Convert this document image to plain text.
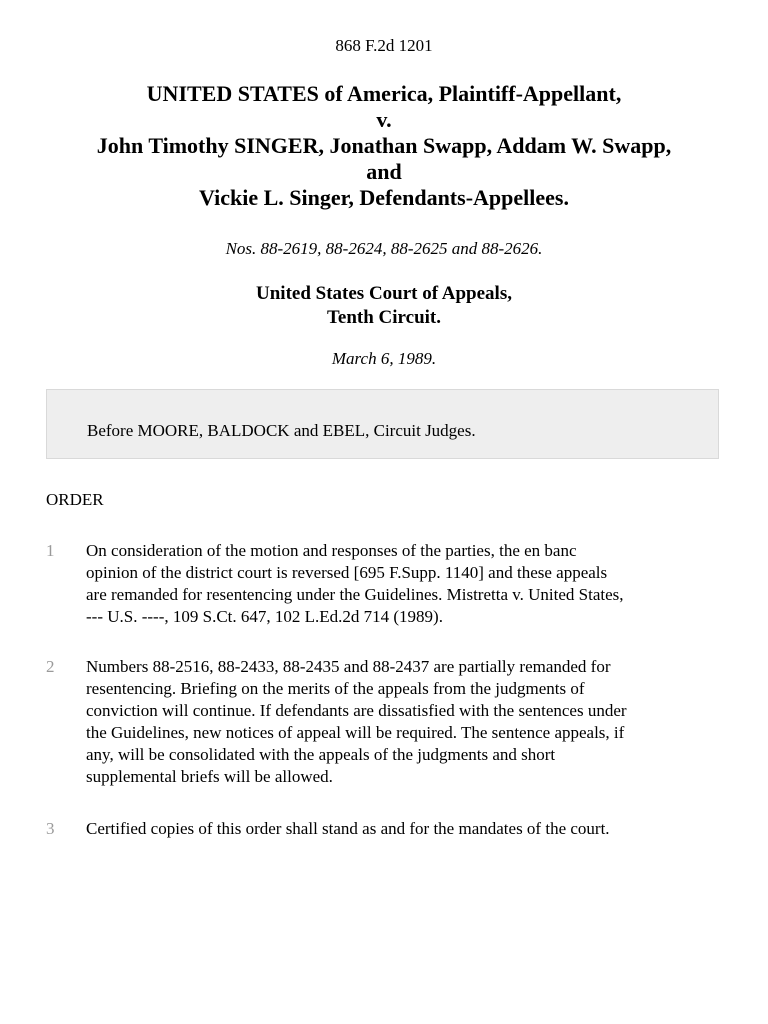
868 F.2d 1201
UNITED STATES of America, Plaintiff-Appellant,
v.
John Timothy SINGER, Jonathan Swapp, Addam W. Swapp,
and
Vickie L. Singer, Defendants-Appellees.
Nos. 88-2619, 88-2624, 88-2625 and 88-2626.
United States Court of Appeals,
Tenth Circuit.
March 6, 1989.
Before MOORE, BALDOCK and EBEL, Circuit Judges.
ORDER
1	On consideration of the motion and responses of the parties, the en banc
opinion of the district court is reversed [695 F.Supp. 1140] and these appeals
are remanded for resentencing under the Guidelines. Mistretta v. United States,
--- U.S. ----, 109 S.Ct. 647, 102 L.Ed.2d 714 (1989).
2	Numbers 88-2516, 88-2433, 88-2435 and 88-2437 are partially remanded for
resentencing. Briefing on the merits of the appeals from the judgments of
conviction will continue. If defendants are dissatisfied with the sentences under
the Guidelines, new notices of appeal will be required. The sentence appeals, if
any, will be consolidated with the appeals of the judgments and short
supplemental briefs will be allowed.
3	Certified copies of this order shall stand as and for the mandates of the court.
